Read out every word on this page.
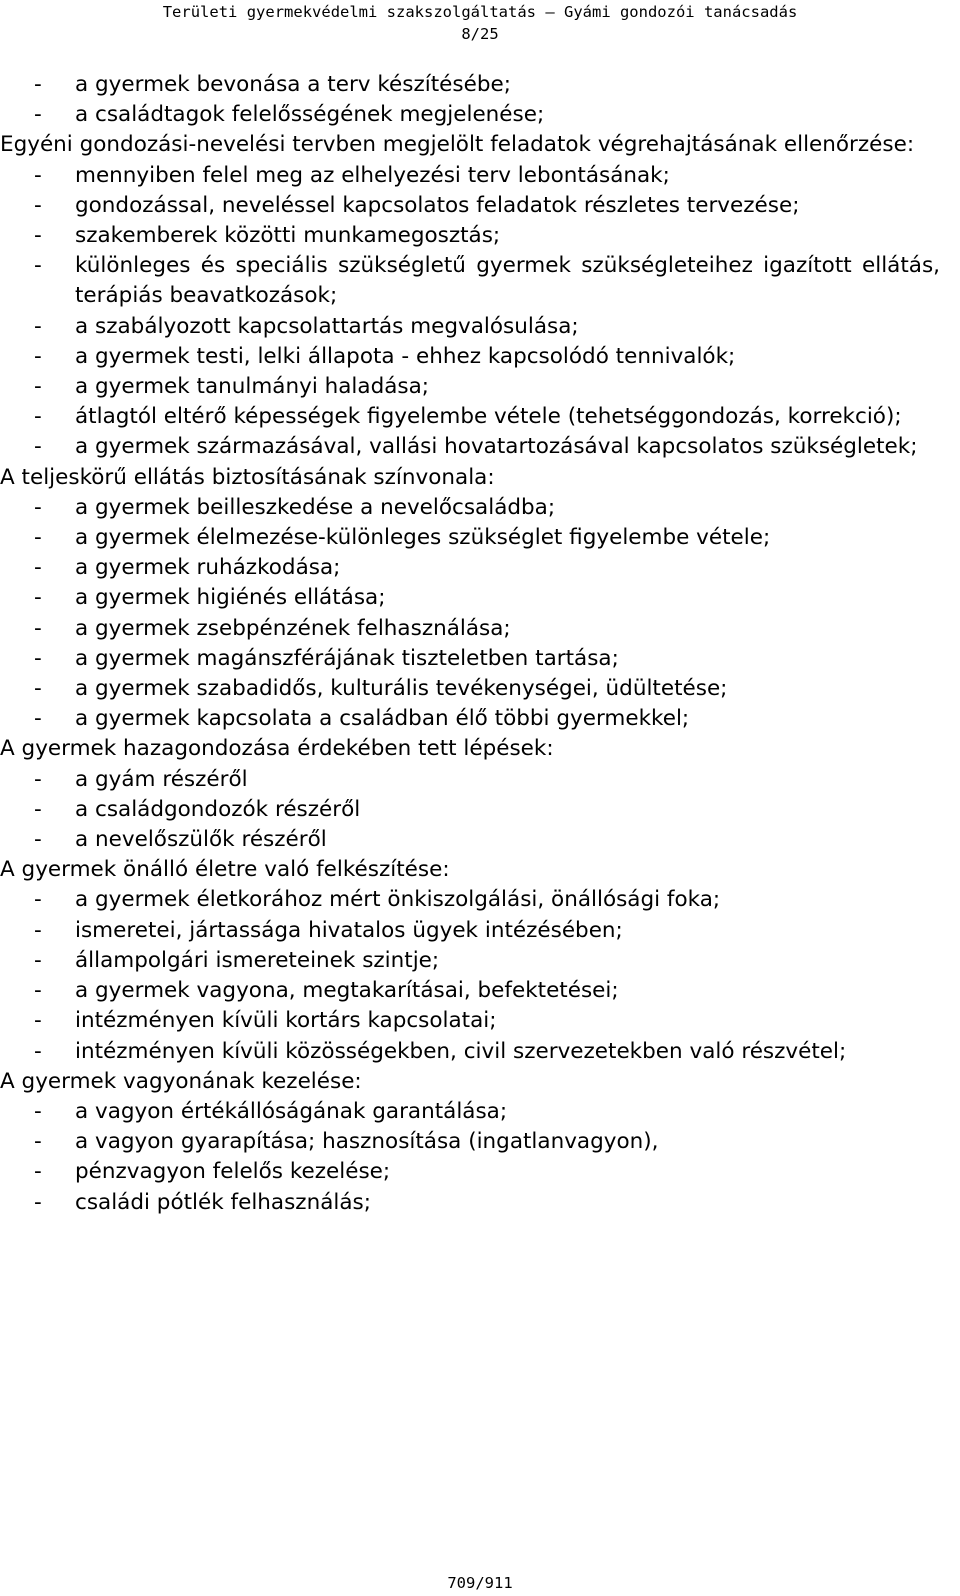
Területi gyermekvédelmi szakszolgáltatás – Gyámi gondozói tanácsadás
8/25
- a gyermek bevonása a terv készítésébe;
- a családtagok felelősségének megjelenése;
Egyéni gondozási-nevelési tervben megjelölt feladatok végrehajtásának ellenőrzése:
- mennyiben felel meg az elhelyezési terv lebontásának;
- gondozással, neveléssel kapcsolatos feladatok részletes tervezése;
- szakemberek közötti munkamegosztás;
- különleges és speciális szükségletű gyermek szükségleteihez igazított ellátás, terápiás beavatkozások;
- a szabályozott kapcsolattartás megvalósulása;
- a gyermek testi, lelki állapota - ehhez kapcsolódó tennivalók;
- a gyermek tanulmányi haladása;
- átlagtól eltérő képességek figyelembe vétele (tehetséggondozás, korrekció);
- a gyermek származásával, vallási hovatartozásával kapcsolatos szükségletek;
A teljeskörű ellátás biztosításának színvonala:
- a gyermek beilleszkedése a nevelőcsaládba;
- a gyermek élelmezése-különleges szükséglet figyelembe vétele;
- a gyermek ruházkodása;
- a gyermek higiénés ellátása;
- a gyermek zsebpénzének felhasználása;
- a gyermek magánszférájának tiszteletben tartása;
- a gyermek szabadidős, kulturális tevékenységei, üdültetése;
- a gyermek kapcsolata a családban élő többi gyermekkel;
A gyermek hazagondozása érdekében tett lépések:
- a gyám részéről
- a családgondozók részéről
- a nevelőszülők részéről
A gyermek önálló életre való felkészítése:
- a gyermek életkorához mért önkiszolgálási, önállósági foka;
- ismeretei, jártassága hivatalos ügyek intézésében;
- állampolgári ismereteinek szintje;
- a gyermek vagyona, megtakarításai, befektetései;
- intézményen kívüli kortárs kapcsolatai;
- intézményen kívüli közösségekben, civil szervezetekben való részvétel;
A gyermek vagyonának kezelése:
- a vagyon értékállóságának garantálása;
- a vagyon gyarapítása; hasznosítása (ingatlanvagyon),
- pénzvagyon felelős kezelése;
- családi pótlék felhasználás;
709/911
